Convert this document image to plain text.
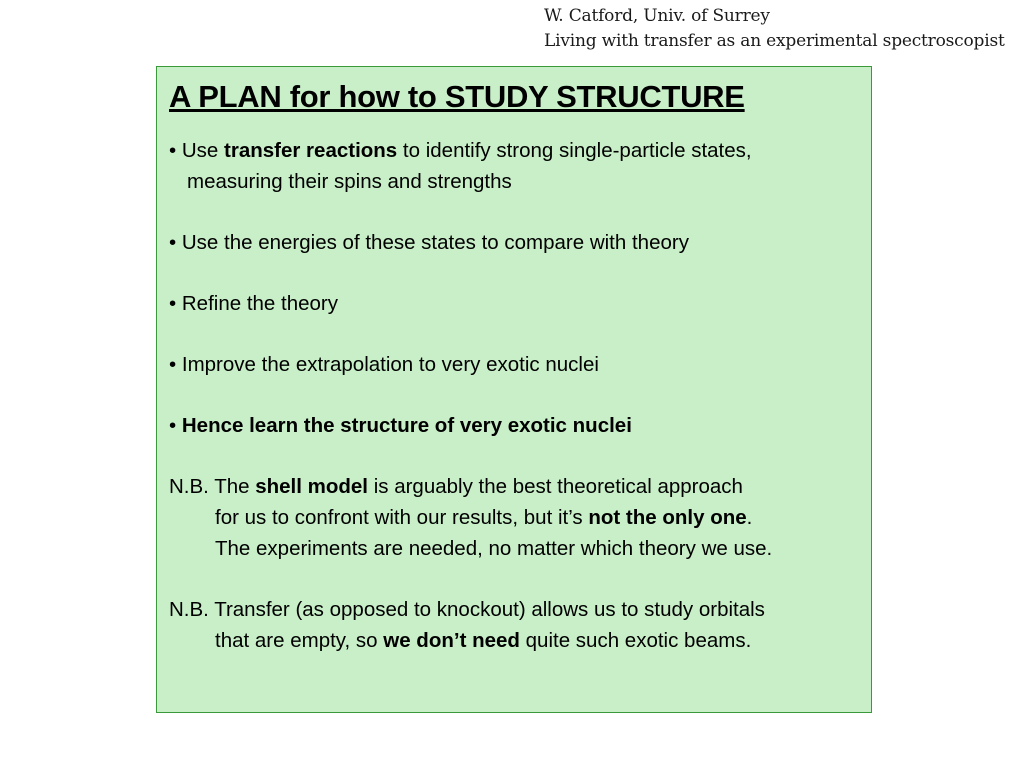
W. Catford, Univ. of Surrey
Living with transfer as an experimental spectroscopist
A PLAN for how to STUDY STRUCTURE
• Use transfer reactions to identify strong single-particle states,
measuring their spins and strengths
• Use the energies of these states to compare with theory
• Refine the theory
• Improve the extrapolation to very exotic nuclei
• Hence learn the structure of very exotic nuclei
N.B. The shell model is arguably the best theoretical approach
for us to confront with our results, but it’s not the only one.
The experiments are needed, no matter which theory we use.
N.B. Transfer (as opposed to knockout) allows us to study orbitals
that are empty, so we don’t need quite such exotic beams.
